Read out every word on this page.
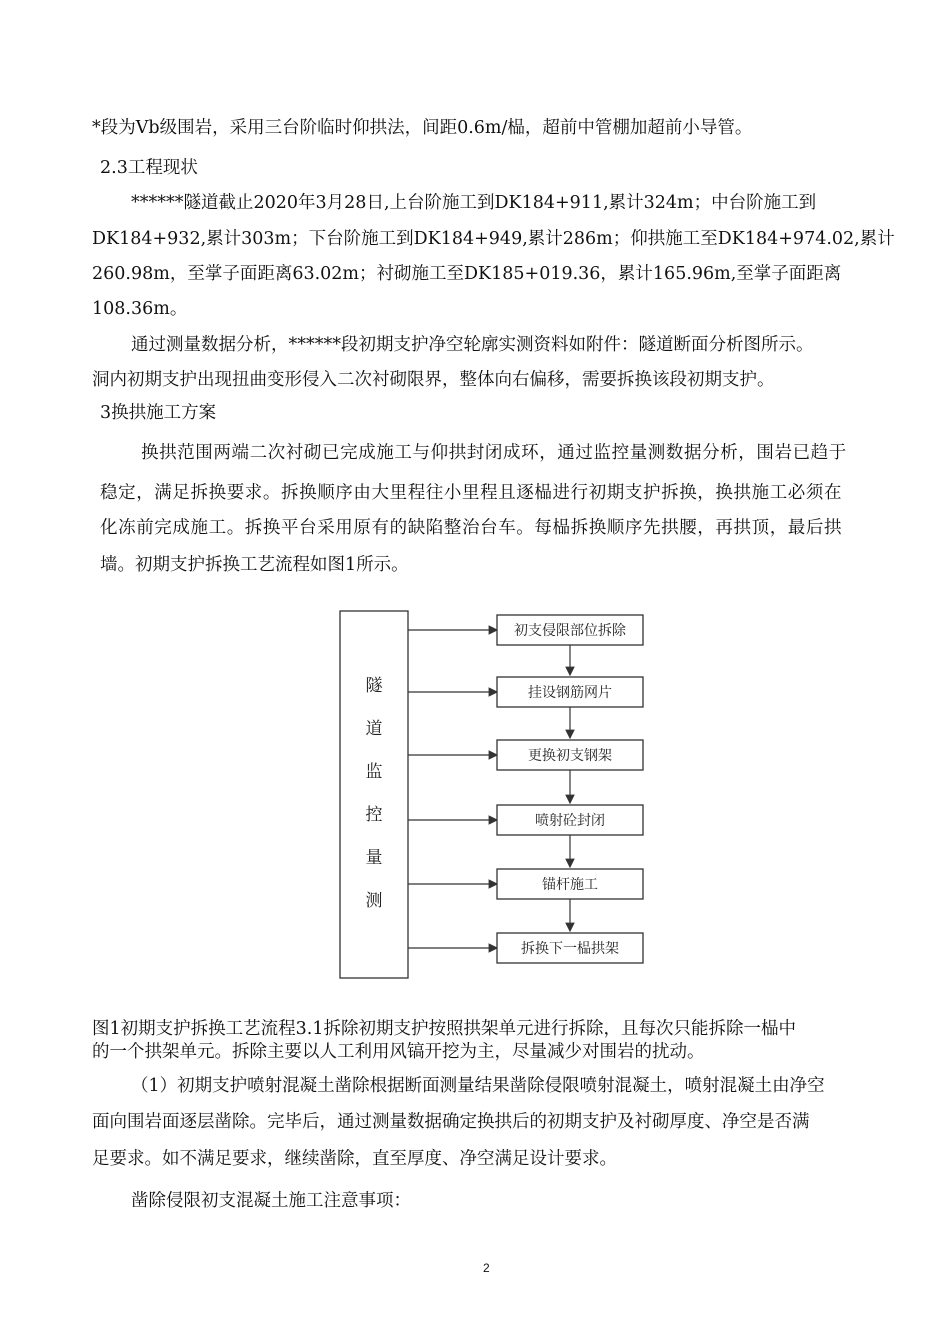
*段为Vb级围岩，采用三台阶临时仰拱法，间距0.6m/榀，超前中管棚加超前小导管。
2.3工程现状
******隧道截止2020年3月28日,上台阶施工到DK184+911,累计324m；中台阶施工到
DK184+932,累计303m；下台阶施工到DK184+949,累计286m；仰拱施工至DK184+974.02,累计
260.98m，至掌子面距离63.02m；衬砌施工至DK185+019.36，累计165.96m,至掌子面距离
108.36m。
通过测量数据分析，******段初期支护净空轮廓实测资料如附件：隧道断面分析图所示。
洞内初期支护出现扭曲变形侵入二次衬砌限界，整体向右偏移，需要拆换该段初期支护。
3换拱施工方案
换拱范围两端二次衬砌已完成施工与仰拱封闭成环，通过监控量测数据分析，围岩已趋于
稳定，满足拆换要求。拆换顺序由大里程往小里程且逐榀进行初期支护拆换，换拱施工必须在
化冻前完成施工。拆换平台采用原有的缺陷整治台车。每榀拆换顺序先拱腰，再拱顶，最后拱
墙。初期支护拆换工艺流程如图1所示。
隧
道
监
控
量
测
初支侵限部位拆除
挂设钢筋网片
更换初支钢架
喷射砼封闭
锚杆施工
拆换下一榀拱架
图1初期支护拆换工艺流程3.1拆除初期支护按照拱架单元进行拆除，且每次只能拆除一榀中
的一个拱架单元。拆除主要以人工利用风镐开挖为主，尽量减少对围岩的扰动。
（1）初期支护喷射混凝土凿除根据断面测量结果凿除侵限喷射混凝土，喷射混凝土由净空
面向围岩面逐层凿除。完毕后，通过测量数据确定换拱后的初期支护及衬砌厚度、净空是否满
足要求。如不满足要求，继续凿除，直至厚度、净空满足设计要求。
凿除侵限初支混凝土施工注意事项：
2
